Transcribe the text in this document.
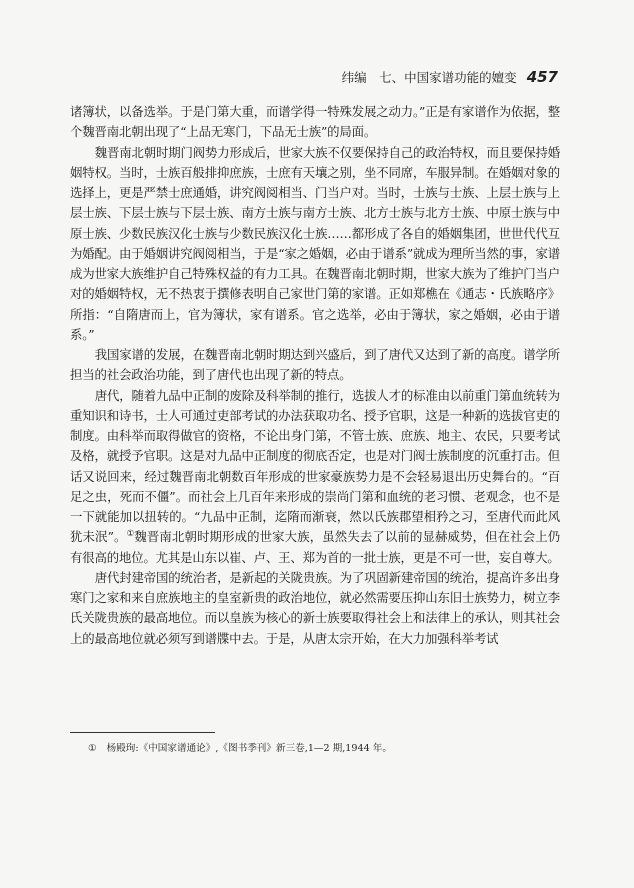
纬编　七、中国家谱功能的嬗变 457

诸簿状，以备选举。于是门第大重，而谱学得一特殊发展之动力。”正是有家谱作为依据，整个魏晋南北朝出现了“上品无寒门，下品无士族”的局面。

魏晋南北朝时期门阀势力形成后，世家大族不仅要保持自己的政治特权，而且要保持婚姻特权。当时，士族百般排抑庶族，士庶有天壤之别，坐不同席，车服异制。在婚姻对象的选择上，更是严禁士庶通婚，讲究阀阅相当、门当户对。当时，士族与士族、上层士族与上层士族、下层士族与下层士族、南方士族与南方士族、北方士族与北方士族、中原士族与中原士族、少数民族汉化士族与少数民族汉化士族……都形成了各自的婚姻集团，世世代代互为婚配。由于婚姻讲究阀阅相当，于是“家之婚姻，必由于谱系”就成为理所当然的事，家谱成为世家大族维护自己特殊权益的有力工具。在魏晋南北朝时期，世家大族为了维护门当户对的婚姻特权，无不热衷于撰修表明自己家世门第的家谱。正如郑樵在《通志・氏族略序》所指：“自隋唐而上，官为簿状，家有谱系。官之选举，必由于簿状，家之婚姻，必由于谱系。”

我国家谱的发展，在魏晋南北朝时期达到兴盛后，到了唐代又达到了新的高度。谱学所担当的社会政治功能，到了唐代也出现了新的特点。

唐代，随着九品中正制的废除及科举制的推行，选拔人才的标准由以前重门第血统转为重知识和诗书，士人可通过吏部考试的办法获取功名、授予官职，这是一种新的选拔官吏的制度。由科举而取得做官的资格，不论出身门第，不管士族、庶族、地主、农民，只要考试及格，就授予官职。这是对九品中正制度的彻底否定，也是对门阀士族制度的沉重打击。但话又说回来，经过魏晋南北朝数百年形成的世家豪族势力是不会轻易退出历史舞台的。“百足之虫，死而不僵”。而社会上几百年来形成的崇尚门第和血统的老习惯、老观念，也不是一下就能加以扭转的。“九品中正制，迄隋而渐衰，然以氏族郡望相矜之习，至唐代而此风犹未泯”。①魏晋南北朝时期形成的世家大族，虽然失去了以前的显赫威势，但在社会上仍有很高的地位。尤其是山东以崔、卢、王、郑为首的一批士族，更是不可一世，妄自尊大。

唐代封建帝国的统治者，是新起的关陇贵族。为了巩固新建帝国的统治，提高许多出身寒门之家和来自庶族地主的皇室新贵的政治地位，就必然需要压抑山东旧士族势力，树立李氏关陇贵族的最高地位。而以皇族为核心的新士族要取得社会上和法律上的承认，则其社会上的最高地位就必须写到谱牒中去。于是，从唐太宗开始，在大力加强科举考试

① 杨殿珣:《中国家谱通论》,《图书季刊》新三卷,1—2 期,1944 年。
